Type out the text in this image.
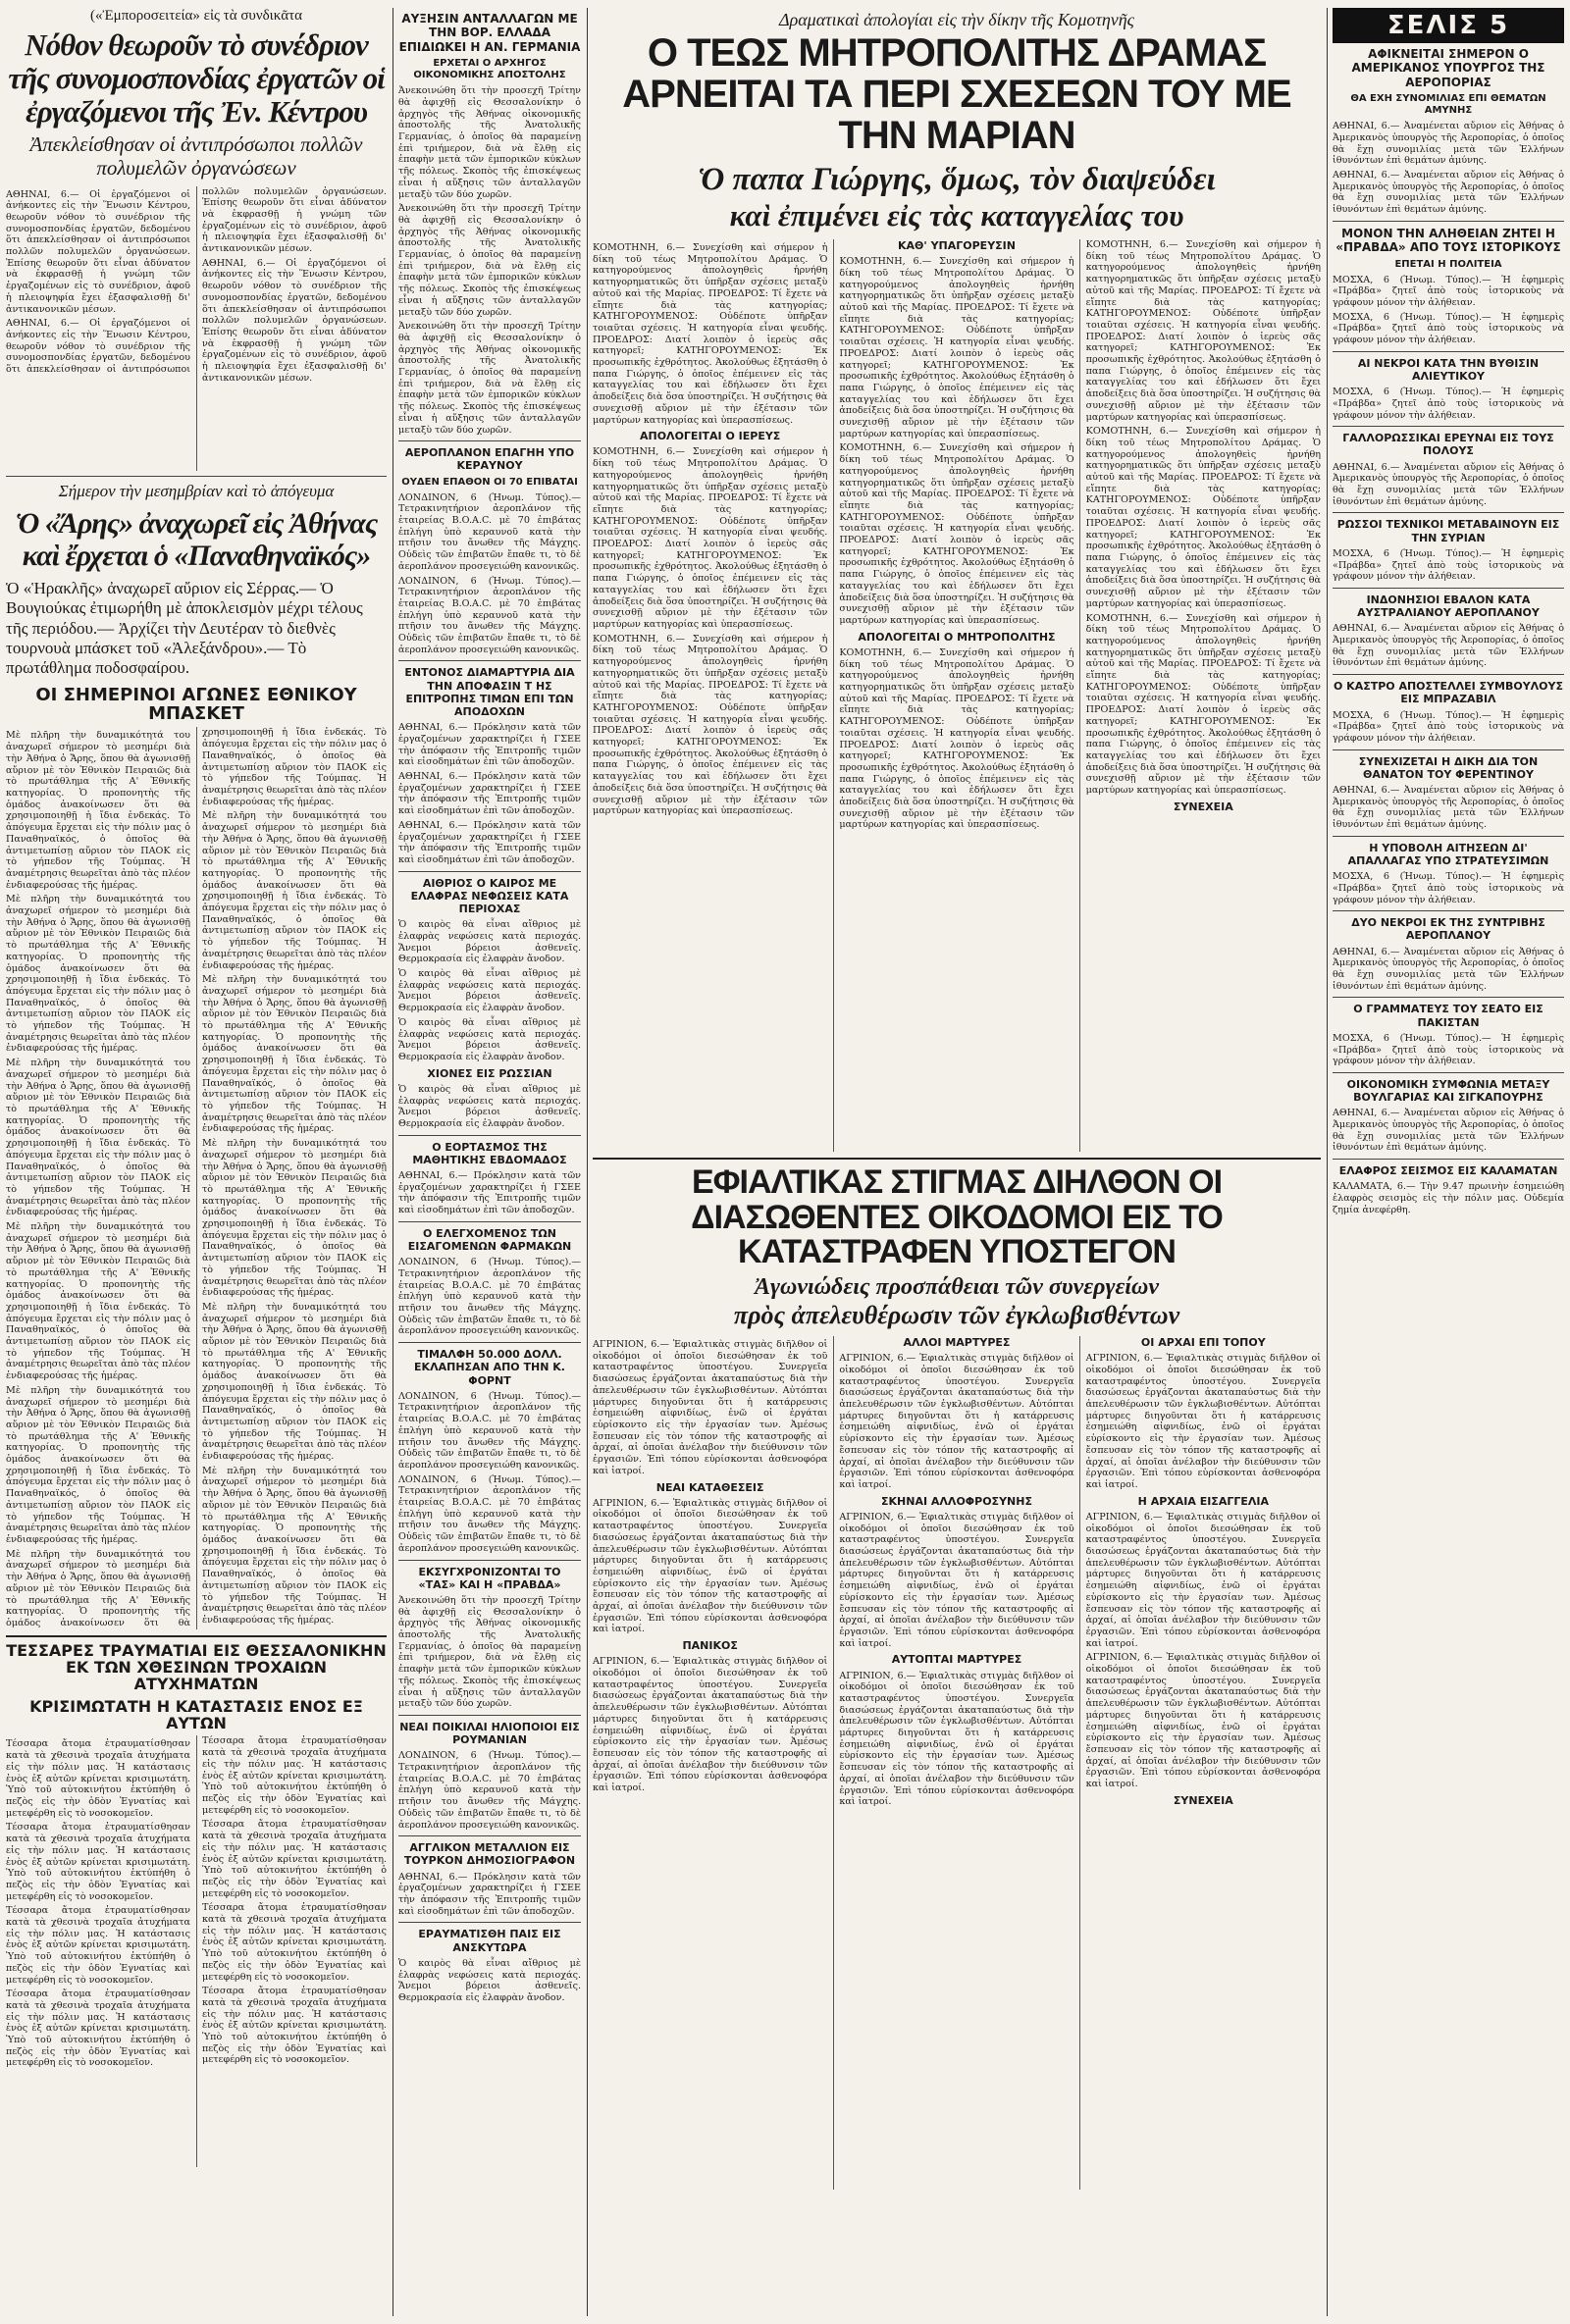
(«Ἐμποροσειτεία» εἰς τὰ συνδικᾶτα
Νόθον θεωροῦν τὸ συνέδριον τῆς συνομοσπονδίας ἐργατῶν οἱ ἐργαζόμενοι τῆς Ἐν. Κέντρου
Ἀπεκλείσθησαν οἱ ἀντιπρόσωποι πολλῶν πολυμελῶν ὀργανώσεων

ΑΘΗΝΑΙ, 6.— Οἱ ἐργαζόμενοι οἱ ἀνήκοντες εἰς τὴν Ἕνωσιν Κέντρου, θεωροῦν νόθον τὸ συνέδριον τῆς συνομοσπονδίας ἐργατῶν, δεδομένου ὅτι ἀπεκλείσθησαν οἱ ἀντιπρόσωποι πολλῶν πολυμελῶν ὀργανώσεων. Ἐπίσης θεωροῦν ὅτι εἶναι ἀδύνατον νὰ ἐκφρασθῇ ἡ γνώμη τῶν ἐργαζομένων εἰς τὸ συνέδριον, ἀφοῦ ἡ πλειοψηφία ἔχει ἐξασφαλισθῇ δι' ἀντικανονικῶν μέσων.

ΑΘΗΝΑΙ, 6.— Οἱ ἐργαζόμενοι οἱ ἀνήκοντες εἰς τὴν Ἕνωσιν Κέντρου, θεωροῦν νόθον τὸ συνέδριον τῆς συνομοσπονδίας ἐργατῶν, δεδομένου ὅτι ἀπεκλείσθησαν οἱ ἀντιπρόσωποι πολλῶν πολυμελῶν ὀργανώσεων. Ἐπίσης θεωροῦν ὅτι εἶναι ἀδύνατον νὰ ἐκφρασθῇ ἡ γνώμη τῶν ἐργαζομένων εἰς τὸ συνέδριον, ἀφοῦ ἡ πλειοψηφία ἔχει ἐξασφαλισθῇ δι' ἀντικανονικῶν μέσων.

ΑΘΗΝΑΙ, 6.— Οἱ ἐργαζόμενοι οἱ ἀνήκοντες εἰς τὴν Ἕνωσιν Κέντρου, θεωροῦν νόθον τὸ συνέδριον τῆς συνομοσπονδίας ἐργατῶν, δεδομένου ὅτι ἀπεκλείσθησαν οἱ ἀντιπρόσωποι πολλῶν πολυμελῶν ὀργανώσεων. Ἐπίσης θεωροῦν ὅτι εἶναι ἀδύνατον νὰ ἐκφρασθῇ ἡ γνώμη τῶν ἐργαζομένων εἰς τὸ συνέδριον, ἀφοῦ ἡ πλειοψηφία ἔχει ἐξασφαλισθῇ δι' ἀντικανονικῶν μέσων.

Σήμερον τὴν μεσημβρίαν καὶ τὸ ἀπόγευμα
Ὁ «Ἄρης» ἀναχωρεῖ εἰς Ἀθήνας καὶ ἔρχεται ὁ «Παναθηναϊκός»
Ὁ «Ἡρακλῆς» ἀναχωρεῖ αὔριον εἰς Σέρρας.— Ὁ Βουγιούκας ἐτιμωρήθη μὲ ἀποκλεισμὸν μέχρι τέλους τῆς περιόδου.— Ἀρχίζει τὴν Δευτέραν τὸ διεθνὲς τουρνουὰ μπάσκετ τοῦ «Ἀλεξάνδρου».— Τὸ πρωτάθλημα ποδοσφαίρου.
ΟΙ ΣΗΜΕΡΙΝΟΙ ΑΓΩΝΕΣ ΕΘΝΙΚΟΥ ΜΠΑΣΚΕΤ

Μὲ πλῆρη τὴν δυναμικότητά του ἀναχωρεῖ σήμερον τὸ μεσημέρι διὰ τὴν Ἀθήνα ὁ Ἄρης, ὅπου θὰ ἀγωνισθῇ αὔριον μὲ τὸν Ἐθνικὸν Πειραιῶς διὰ τὸ πρωτάθλημα τῆς Α' Ἐθνικῆς κατηγορίας. Ὁ προπονητὴς τῆς ὁμάδος ἀνακοίνωσεν ὅτι θὰ χρησιμοποιηθῇ ἡ ἴδια ἑνδεκάς. Τὸ ἀπόγευμα ἔρχεται εἰς τὴν πόλιν μας ὁ Παναθηναϊκός, ὁ ὁποῖος θὰ ἀντιμετωπίσῃ αὔριον τὸν ΠΑΟΚ εἰς τὸ γήπεδον τῆς Τούμπας. Ἡ ἀναμέτρησις θεωρεῖται ἀπὸ τὰς πλέον ἐνδιαφερούσας τῆς ἡμέρας.

Μὲ πλῆρη τὴν δυναμικότητά του ἀναχωρεῖ σήμερον τὸ μεσημέρι διὰ τὴν Ἀθήνα ὁ Ἄρης, ὅπου θὰ ἀγωνισθῇ αὔριον μὲ τὸν Ἐθνικὸν Πειραιῶς διὰ τὸ πρωτάθλημα τῆς Α' Ἐθνικῆς κατηγορίας. Ὁ προπονητὴς τῆς ὁμάδος ἀνακοίνωσεν ὅτι θὰ χρησιμοποιηθῇ ἡ ἴδια ἑνδεκάς. Τὸ ἀπόγευμα ἔρχεται εἰς τὴν πόλιν μας ὁ Παναθηναϊκός, ὁ ὁποῖος θὰ ἀντιμετωπίσῃ αὔριον τὸν ΠΑΟΚ εἰς τὸ γήπεδον τῆς Τούμπας. Ἡ ἀναμέτρησις θεωρεῖται ἀπὸ τὰς πλέον ἐνδιαφερούσας τῆς ἡμέρας.

Μὲ πλῆρη τὴν δυναμικότητά του ἀναχωρεῖ σήμερον τὸ μεσημέρι διὰ τὴν Ἀθήνα ὁ Ἄρης, ὅπου θὰ ἀγωνισθῇ αὔριον μὲ τὸν Ἐθνικὸν Πειραιῶς διὰ τὸ πρωτάθλημα τῆς Α' Ἐθνικῆς κατηγορίας. Ὁ προπονητὴς τῆς ὁμάδος ἀνακοίνωσεν ὅτι θὰ χρησιμοποιηθῇ ἡ ἴδια ἑνδεκάς. Τὸ ἀπόγευμα ἔρχεται εἰς τὴν πόλιν μας ὁ Παναθηναϊκός, ὁ ὁποῖος θὰ ἀντιμετωπίσῃ αὔριον τὸν ΠΑΟΚ εἰς τὸ γήπεδον τῆς Τούμπας. Ἡ ἀναμέτρησις θεωρεῖται ἀπὸ τὰς πλέον ἐνδιαφερούσας τῆς ἡμέρας.

Μὲ πλῆρη τὴν δυναμικότητά του ἀναχωρεῖ σήμερον τὸ μεσημέρι διὰ τὴν Ἀθήνα ὁ Ἄρης, ὅπου θὰ ἀγωνισθῇ αὔριον μὲ τὸν Ἐθνικὸν Πειραιῶς διὰ τὸ πρωτάθλημα τῆς Α' Ἐθνικῆς κατηγορίας. Ὁ προπονητὴς τῆς ὁμάδος ἀνακοίνωσεν ὅτι θὰ χρησιμοποιηθῇ ἡ ἴδια ἑνδεκάς. Τὸ ἀπόγευμα ἔρχεται εἰς τὴν πόλιν μας ὁ Παναθηναϊκός, ὁ ὁποῖος θὰ ἀντιμετωπίσῃ αὔριον τὸν ΠΑΟΚ εἰς τὸ γήπεδον τῆς Τούμπας. Ἡ ἀναμέτρησις θεωρεῖται ἀπὸ τὰς πλέον ἐνδιαφερούσας τῆς ἡμέρας.

Μὲ πλῆρη τὴν δυναμικότητά του ἀναχωρεῖ σήμερον τὸ μεσημέρι διὰ τὴν Ἀθήνα ὁ Ἄρης, ὅπου θὰ ἀγωνισθῇ αὔριον μὲ τὸν Ἐθνικὸν Πειραιῶς διὰ τὸ πρωτάθλημα τῆς Α' Ἐθνικῆς κατηγορίας. Ὁ προπονητὴς τῆς ὁμάδος ἀνακοίνωσεν ὅτι θὰ χρησιμοποιηθῇ ἡ ἴδια ἑνδεκάς. Τὸ ἀπόγευμα ἔρχεται εἰς τὴν πόλιν μας ὁ Παναθηναϊκός, ὁ ὁποῖος θὰ ἀντιμετωπίσῃ αὔριον τὸν ΠΑΟΚ εἰς τὸ γήπεδον τῆς Τούμπας. Ἡ ἀναμέτρησις θεωρεῖται ἀπὸ τὰς πλέον ἐνδιαφερούσας τῆς ἡμέρας.

Μὲ πλῆρη τὴν δυναμικότητά του ἀναχωρεῖ σήμερον τὸ μεσημέρι διὰ τὴν Ἀθήνα ὁ Ἄρης, ὅπου θὰ ἀγωνισθῇ αὔριον μὲ τὸν Ἐθνικὸν Πειραιῶς διὰ τὸ πρωτάθλημα τῆς Α' Ἐθνικῆς κατηγορίας. Ὁ προπονητὴς τῆς ὁμάδος ἀνακοίνωσεν ὅτι θὰ χρησιμοποιηθῇ ἡ ἴδια ἑνδεκάς. Τὸ ἀπόγευμα ἔρχεται εἰς τὴν πόλιν μας ὁ Παναθηναϊκός, ὁ ὁποῖος θὰ ἀντιμετωπίσῃ αὔριον τὸν ΠΑΟΚ εἰς τὸ γήπεδον τῆς Τούμπας. Ἡ ἀναμέτρησις θεωρεῖται ἀπὸ τὰς πλέον ἐνδιαφερούσας τῆς ἡμέρας.

Μὲ πλῆρη τὴν δυναμικότητά του ἀναχωρεῖ σήμερον τὸ μεσημέρι διὰ τὴν Ἀθήνα ὁ Ἄρης, ὅπου θὰ ἀγωνισθῇ αὔριον μὲ τὸν Ἐθνικὸν Πειραιῶς διὰ τὸ πρωτάθλημα τῆς Α' Ἐθνικῆς κατηγορίας. Ὁ προπονητὴς τῆς ὁμάδος ἀνακοίνωσεν ὅτι θὰ χρησιμοποιηθῇ ἡ ἴδια ἑνδεκάς. Τὸ ἀπόγευμα ἔρχεται εἰς τὴν πόλιν μας ὁ Παναθηναϊκός, ὁ ὁποῖος θὰ ἀντιμετωπίσῃ αὔριον τὸν ΠΑΟΚ εἰς τὸ γήπεδον τῆς Τούμπας. Ἡ ἀναμέτρησις θεωρεῖται ἀπὸ τὰς πλέον ἐνδιαφερούσας τῆς ἡμέρας.

Μὲ πλῆρη τὴν δυναμικότητά του ἀναχωρεῖ σήμερον τὸ μεσημέρι διὰ τὴν Ἀθήνα ὁ Ἄρης, ὅπου θὰ ἀγωνισθῇ αὔριον μὲ τὸν Ἐθνικὸν Πειραιῶς διὰ τὸ πρωτάθλημα τῆς Α' Ἐθνικῆς κατηγορίας. Ὁ προπονητὴς τῆς ὁμάδος ἀνακοίνωσεν ὅτι θὰ χρησιμοποιηθῇ ἡ ἴδια ἑνδεκάς. Τὸ ἀπόγευμα ἔρχεται εἰς τὴν πόλιν μας ὁ Παναθηναϊκός, ὁ ὁποῖος θὰ ἀντιμετωπίσῃ αὔριον τὸν ΠΑΟΚ εἰς τὸ γήπεδον τῆς Τούμπας. Ἡ ἀναμέτρησις θεωρεῖται ἀπὸ τὰς πλέον ἐνδιαφερούσας τῆς ἡμέρας.

Μὲ πλῆρη τὴν δυναμικότητά του ἀναχωρεῖ σήμερον τὸ μεσημέρι διὰ τὴν Ἀθήνα ὁ Ἄρης, ὅπου θὰ ἀγωνισθῇ αὔριον μὲ τὸν Ἐθνικὸν Πειραιῶς διὰ τὸ πρωτάθλημα τῆς Α' Ἐθνικῆς κατηγορίας. Ὁ προπονητὴς τῆς ὁμάδος ἀνακοίνωσεν ὅτι θὰ χρησιμοποιηθῇ ἡ ἴδια ἑνδεκάς. Τὸ ἀπόγευμα ἔρχεται εἰς τὴν πόλιν μας ὁ Παναθηναϊκός, ὁ ὁποῖος θὰ ἀντιμετωπίσῃ αὔριον τὸν ΠΑΟΚ εἰς τὸ γήπεδον τῆς Τούμπας. Ἡ ἀναμέτρησις θεωρεῖται ἀπὸ τὰς πλέον ἐνδιαφερούσας τῆς ἡμέρας.

Μὲ πλῆρη τὴν δυναμικότητά του ἀναχωρεῖ σήμερον τὸ μεσημέρι διὰ τὴν Ἀθήνα ὁ Ἄρης, ὅπου θὰ ἀγωνισθῇ αὔριον μὲ τὸν Ἐθνικὸν Πειραιῶς διὰ τὸ πρωτάθλημα τῆς Α' Ἐθνικῆς κατηγορίας. Ὁ προπονητὴς τῆς ὁμάδος ἀνακοίνωσεν ὅτι θὰ χρησιμοποιηθῇ ἡ ἴδια ἑνδεκάς. Τὸ ἀπόγευμα ἔρχεται εἰς τὴν πόλιν μας ὁ Παναθηναϊκός, ὁ ὁποῖος θὰ ἀντιμετωπίσῃ αὔριον τὸν ΠΑΟΚ εἰς τὸ γήπεδον τῆς Τούμπας. Ἡ ἀναμέτρησις θεωρεῖται ἀπὸ τὰς πλέον ἐνδιαφερούσας τῆς ἡμέρας.

Μὲ πλῆρη τὴν δυναμικότητά του ἀναχωρεῖ σήμερον τὸ μεσημέρι διὰ τὴν Ἀθήνα ὁ Ἄρης, ὅπου θὰ ἀγωνισθῇ αὔριον μὲ τὸν Ἐθνικὸν Πειραιῶς διὰ τὸ πρωτάθλημα τῆς Α' Ἐθνικῆς κατηγορίας. Ὁ προπονητὴς τῆς ὁμάδος ἀνακοίνωσεν ὅτι θὰ χρησιμοποιηθῇ ἡ ἴδια ἑνδεκάς. Τὸ ἀπόγευμα ἔρχεται εἰς τὴν πόλιν μας ὁ Παναθηναϊκός, ὁ ὁποῖος θὰ ἀντιμετωπίσῃ αὔριον τὸν ΠΑΟΚ εἰς τὸ γήπεδον τῆς Τούμπας. Ἡ ἀναμέτρησις θεωρεῖται ἀπὸ τὰς πλέον ἐνδιαφερούσας τῆς ἡμέρας.

ΤΕΣΣΑΡΕΣ ΤΡΑΥΜΑΤΙΑΙ ΕΙΣ ΘΕΣΣΑΛΟΝΙΚΗΝ ΕΚ ΤΩΝ ΧΘΕΣΙΝΩΝ ΤΡΟΧΑΙΩΝ ΑΤΥΧΗΜΑΤΩΝ
ΚΡΙΣΙΜΩΤΑΤΗ Η ΚΑΤΑΣΤΑΣΙΣ ΕΝΟΣ ΕΞ ΑΥΤΩΝ

Τέσσαρα ἄτομα ἐτραυματίσθησαν κατὰ τὰ χθεσινὰ τροχαῖα ἀτυχήματα εἰς τὴν πόλιν μας. Ἡ κατάστασις ἑνὸς ἐξ αὐτῶν κρίνεται κρισιμωτάτη. Ὑπὸ τοῦ αὐτοκινήτου ἐκτύπήθη ὁ πεζὸς εἰς τὴν ὁδὸν Ἐγνατίας καὶ μετεφέρθη εἰς τὸ νοσοκομεῖον.

Τέσσαρα ἄτομα ἐτραυματίσθησαν κατὰ τὰ χθεσινὰ τροχαῖα ἀτυχήματα εἰς τὴν πόλιν μας. Ἡ κατάστασις ἑνὸς ἐξ αὐτῶν κρίνεται κρισιμωτάτη. Ὑπὸ τοῦ αὐτοκινήτου ἐκτύπήθη ὁ πεζὸς εἰς τὴν ὁδὸν Ἐγνατίας καὶ μετεφέρθη εἰς τὸ νοσοκομεῖον.

Τέσσαρα ἄτομα ἐτραυματίσθησαν κατὰ τὰ χθεσινὰ τροχαῖα ἀτυχήματα εἰς τὴν πόλιν μας. Ἡ κατάστασις ἑνὸς ἐξ αὐτῶν κρίνεται κρισιμωτάτη. Ὑπὸ τοῦ αὐτοκινήτου ἐκτύπήθη ὁ πεζὸς εἰς τὴν ὁδὸν Ἐγνατίας καὶ μετεφέρθη εἰς τὸ νοσοκομεῖον.

Τέσσαρα ἄτομα ἐτραυματίσθησαν κατὰ τὰ χθεσινὰ τροχαῖα ἀτυχήματα εἰς τὴν πόλιν μας. Ἡ κατάστασις ἑνὸς ἐξ αὐτῶν κρίνεται κρισιμωτάτη. Ὑπὸ τοῦ αὐτοκινήτου ἐκτύπήθη ὁ πεζὸς εἰς τὴν ὁδὸν Ἐγνατίας καὶ μετεφέρθη εἰς τὸ νοσοκομεῖον.

Τέσσαρα ἄτομα ἐτραυματίσθησαν κατὰ τὰ χθεσινὰ τροχαῖα ἀτυχήματα εἰς τὴν πόλιν μας. Ἡ κατάστασις ἑνὸς ἐξ αὐτῶν κρίνεται κρισιμωτάτη. Ὑπὸ τοῦ αὐτοκινήτου ἐκτύπήθη ὁ πεζὸς εἰς τὴν ὁδὸν Ἐγνατίας καὶ μετεφέρθη εἰς τὸ νοσοκομεῖον.

Τέσσαρα ἄτομα ἐτραυματίσθησαν κατὰ τὰ χθεσινὰ τροχαῖα ἀτυχήματα εἰς τὴν πόλιν μας. Ἡ κατάστασις ἑνὸς ἐξ αὐτῶν κρίνεται κρισιμωτάτη. Ὑπὸ τοῦ αὐτοκινήτου ἐκτύπήθη ὁ πεζὸς εἰς τὴν ὁδὸν Ἐγνατίας καὶ μετεφέρθη εἰς τὸ νοσοκομεῖον.

Τέσσαρα ἄτομα ἐτραυματίσθησαν κατὰ τὰ χθεσινὰ τροχαῖα ἀτυχήματα εἰς τὴν πόλιν μας. Ἡ κατάστασις ἑνὸς ἐξ αὐτῶν κρίνεται κρισιμωτάτη. Ὑπὸ τοῦ αὐτοκινήτου ἐκτύπήθη ὁ πεζὸς εἰς τὴν ὁδὸν Ἐγνατίας καὶ μετεφέρθη εἰς τὸ νοσοκομεῖον.

Τέσσαρα ἄτομα ἐτραυματίσθησαν κατὰ τὰ χθεσινὰ τροχαῖα ἀτυχήματα εἰς τὴν πόλιν μας. Ἡ κατάστασις ἑνὸς ἐξ αὐτῶν κρίνεται κρισιμωτάτη. Ὑπὸ τοῦ αὐτοκινήτου ἐκτύπήθη ὁ πεζὸς εἰς τὴν ὁδὸν Ἐγνατίας καὶ μετεφέρθη εἰς τὸ νοσοκομεῖον.

ΑΥΞΗΣΙΝ ΑΝΤΑΛΛΑΓΩΝ ΜΕ ΤΗΝ ΒΟΡ. ΕΛΛΑΔΑ ΕΠΙΔΙΩΚΕΙ Η ΑΝ. ΓΕΡΜΑΝΙΑ
ΕΡΧΕΤΑΙ Ο ΑΡΧΗΓΟΣ ΟΙΚΟΝΟΜΙΚΗΣ ΑΠΟΣΤΟΛΗΣ

Ἀνεκοινώθη ὅτι τὴν προσεχῆ Τρίτην θὰ ἀφιχθῇ εἰς Θεσσαλονίκην ὁ ἀρχηγὸς τῆς Ἀθήνας οἰκονομικῆς ἀποστολῆς τῆς Ἀνατολικῆς Γερμανίας, ὁ ὁποῖος θὰ παραμείνῃ ἐπὶ τριήμερον, διὰ νὰ ἔλθῃ εἰς ἐπαφὴν μετὰ τῶν ἐμπορικῶν κύκλων τῆς πόλεως. Σκοπὸς τῆς ἐπισκέψεως εἶναι ἡ αὔξησις τῶν ἀνταλλαγῶν μεταξὺ τῶν δύο χωρῶν.

Ἀνεκοινώθη ὅτι τὴν προσεχῆ Τρίτην θὰ ἀφιχθῇ εἰς Θεσσαλονίκην ὁ ἀρχηγὸς τῆς Ἀθήνας οἰκονομικῆς ἀποστολῆς τῆς Ἀνατολικῆς Γερμανίας, ὁ ὁποῖος θὰ παραμείνῃ ἐπὶ τριήμερον, διὰ νὰ ἔλθῃ εἰς ἐπαφὴν μετὰ τῶν ἐμπορικῶν κύκλων τῆς πόλεως. Σκοπὸς τῆς ἐπισκέψεως εἶναι ἡ αὔξησις τῶν ἀνταλλαγῶν μεταξὺ τῶν δύο χωρῶν.

Ἀνεκοινώθη ὅτι τὴν προσεχῆ Τρίτην θὰ ἀφιχθῇ εἰς Θεσσαλονίκην ὁ ἀρχηγὸς τῆς Ἀθήνας οἰκονομικῆς ἀποστολῆς τῆς Ἀνατολικῆς Γερμανίας, ὁ ὁποῖος θὰ παραμείνῃ ἐπὶ τριήμερον, διὰ νὰ ἔλθῃ εἰς ἐπαφὴν μετὰ τῶν ἐμπορικῶν κύκλων τῆς πόλεως. Σκοπὸς τῆς ἐπισκέψεως εἶναι ἡ αὔξησις τῶν ἀνταλλαγῶν μεταξὺ τῶν δύο χωρῶν.

ΑΕΡΟΠΛΑΝΟΝ ΕΠΑΓΗΗ ΥΠΟ ΚΕΡΑΥΝΟΥ
ΟΥΔΕΝ ΕΠΑΘΟΝ ΟΙ 70 ΕΠΙΒΑΤΑΙ

ΛΟΝΔΙΝΟΝ, 6 (Ἡνωμ. Τύπος).— Τετρακινητήριον ἀεροπλάνον τῆς ἑταιρείας B.O.A.C. μὲ 70 ἐπιβάτας ἐπλήγη ὑπὸ κεραυνοῦ κατὰ τὴν πτῆσιν του ἄνωθεν τῆς Μάγχης. Οὐδεὶς τῶν ἐπιβατῶν ἔπαθε τι, τὸ δὲ ἀεροπλάνον προσεγειώθη κανονικῶς.

ΛΟΝΔΙΝΟΝ, 6 (Ἡνωμ. Τύπος).— Τετρακινητήριον ἀεροπλάνον τῆς ἑταιρείας B.O.A.C. μὲ 70 ἐπιβάτας ἐπλήγη ὑπὸ κεραυνοῦ κατὰ τὴν πτῆσιν του ἄνωθεν τῆς Μάγχης. Οὐδεὶς τῶν ἐπιβατῶν ἔπαθε τι, τὸ δὲ ἀεροπλάνον προσεγειώθη κανονικῶς.

ΕΝΤΟΝΟΣ ΔΙΑΜΑΡΤΥΡΙΑ ΔΙΑ ΤΗΝ ΑΠΟΦΑΣΙΝ Τ ΗΣ ΕΠΙΤΡΟΠΗΣ ΤΙΜΩΝ ΕΠΙ ΤΩΝ ΑΠΟΔΟΧΩΝ

ΑΘΗΝΑΙ, 6.— Πρόκλησιν κατὰ τῶν ἐργαζομένων χαρακτηρίζει ἡ ΓΣΕΕ τὴν ἀπόφασιν τῆς Ἐπιτροπῆς τιμῶν καὶ εἰσοδημάτων ἐπὶ τῶν ἀποδοχῶν.

ΑΘΗΝΑΙ, 6.— Πρόκλησιν κατὰ τῶν ἐργαζομένων χαρακτηρίζει ἡ ΓΣΕΕ τὴν ἀπόφασιν τῆς Ἐπιτροπῆς τιμῶν καὶ εἰσοδημάτων ἐπὶ τῶν ἀποδοχῶν.

ΑΘΗΝΑΙ, 6.— Πρόκλησιν κατὰ τῶν ἐργαζομένων χαρακτηρίζει ἡ ΓΣΕΕ τὴν ἀπόφασιν τῆς Ἐπιτροπῆς τιμῶν καὶ εἰσοδημάτων ἐπὶ τῶν ἀποδοχῶν.

ΑΙΘΡΙΟΣ Ο ΚΑΙΡΟΣ ΜΕ ΕΛΑΦΡΑΣ ΝΕΦΩΣΕΙΣ ΚΑΤΑ ΠΕΡΙΟΧΑΣ

Ὁ καιρὸς θὰ εἶναι αἴθριος μὲ ἐλαφρὰς νεφώσεις κατὰ περιοχάς. Ἄνεμοι βόρειοι ἀσθενεῖς. Θερμοκρασία εἰς ἐλαφρὰν ἄνοδον.

Ὁ καιρὸς θὰ εἶναι αἴθριος μὲ ἐλαφρὰς νεφώσεις κατὰ περιοχάς. Ἄνεμοι βόρειοι ἀσθενεῖς. Θερμοκρασία εἰς ἐλαφρὰν ἄνοδον.

Ὁ καιρὸς θὰ εἶναι αἴθριος μὲ ἐλαφρὰς νεφώσεις κατὰ περιοχάς. Ἄνεμοι βόρειοι ἀσθενεῖς. Θερμοκρασία εἰς ἐλαφρὰν ἄνοδον.

ΧΙΟΝΕΣ ΕΙΣ ΡΩΣΣΙΑΝ

Ὁ καιρὸς θὰ εἶναι αἴθριος μὲ ἐλαφρὰς νεφώσεις κατὰ περιοχάς. Ἄνεμοι βόρειοι ἀσθενεῖς. Θερμοκρασία εἰς ἐλαφρὰν ἄνοδον.

Ο ΕΟΡΤΑΣΜΟΣ ΤΗΣ ΜΑΘΗΤΙΚΗΣ ΕΒΔΟΜΑΔΟΣ

ΑΘΗΝΑΙ, 6.— Πρόκλησιν κατὰ τῶν ἐργαζομένων χαρακτηρίζει ἡ ΓΣΕΕ τὴν ἀπόφασιν τῆς Ἐπιτροπῆς τιμῶν καὶ εἰσοδημάτων ἐπὶ τῶν ἀποδοχῶν.

Ο ΕΛΕΓΧΟΜΕΝΟΣ ΤΩΝ ΕΙΣΑΓΟΜΕΝΩΝ ΦΑΡΜΑΚΩΝ

ΛΟΝΔΙΝΟΝ, 6 (Ἡνωμ. Τύπος).— Τετρακινητήριον ἀεροπλάνον τῆς ἑταιρείας B.O.A.C. μὲ 70 ἐπιβάτας ἐπλήγη ὑπὸ κεραυνοῦ κατὰ τὴν πτῆσιν του ἄνωθεν τῆς Μάγχης. Οὐδεὶς τῶν ἐπιβατῶν ἔπαθε τι, τὸ δὲ ἀεροπλάνον προσεγειώθη κανονικῶς.

ΤΙΜΑΛΦΗ 50.000 ΔΟΛΛ. ΕΚΛΑΠΗΣΑΝ ΑΠΟ ΤΗΝ Κ. ΦΟΡΝΤ

ΛΟΝΔΙΝΟΝ, 6 (Ἡνωμ. Τύπος).— Τετρακινητήριον ἀεροπλάνον τῆς ἑταιρείας B.O.A.C. μὲ 70 ἐπιβάτας ἐπλήγη ὑπὸ κεραυνοῦ κατὰ τὴν πτῆσιν του ἄνωθεν τῆς Μάγχης. Οὐδεὶς τῶν ἐπιβατῶν ἔπαθε τι, τὸ δὲ ἀεροπλάνον προσεγειώθη κανονικῶς.

ΛΟΝΔΙΝΟΝ, 6 (Ἡνωμ. Τύπος).— Τετρακινητήριον ἀεροπλάνον τῆς ἑταιρείας B.O.A.C. μὲ 70 ἐπιβάτας ἐπλήγη ὑπὸ κεραυνοῦ κατὰ τὴν πτῆσιν του ἄνωθεν τῆς Μάγχης. Οὐδεὶς τῶν ἐπιβατῶν ἔπαθε τι, τὸ δὲ ἀεροπλάνον προσεγειώθη κανονικῶς.

ΕΚΣΥΓΧΡΟΝΙΖΟΝΤΑΙ ΤΟ «ΤΑΣ» ΚΑΙ Η «ΠΡΑΒΔΑ»

Ἀνεκοινώθη ὅτι τὴν προσεχῆ Τρίτην θὰ ἀφιχθῇ εἰς Θεσσαλονίκην ὁ ἀρχηγὸς τῆς Ἀθήνας οἰκονομικῆς ἀποστολῆς τῆς Ἀνατολικῆς Γερμανίας, ὁ ὁποῖος θὰ παραμείνῃ ἐπὶ τριήμερον, διὰ νὰ ἔλθῃ εἰς ἐπαφὴν μετὰ τῶν ἐμπορικῶν κύκλων τῆς πόλεως. Σκοπὸς τῆς ἐπισκέψεως εἶναι ἡ αὔξησις τῶν ἀνταλλαγῶν μεταξὺ τῶν δύο χωρῶν.

ΝΕΑΙ ΠΟΙΚΙΛΑΙ ΗΛΙΟΠΟΙΟΙ ΕΙΣ ΡΟΥΜΑΝΙΑΝ

ΛΟΝΔΙΝΟΝ, 6 (Ἡνωμ. Τύπος).— Τετρακινητήριον ἀεροπλάνον τῆς ἑταιρείας B.O.A.C. μὲ 70 ἐπιβάτας ἐπλήγη ὑπὸ κεραυνοῦ κατὰ τὴν πτῆσιν του ἄνωθεν τῆς Μάγχης. Οὐδεὶς τῶν ἐπιβατῶν ἔπαθε τι, τὸ δὲ ἀεροπλάνον προσεγειώθη κανονικῶς.

ΑΓΓΛΙΚΟΝ ΜΕΤΑΛΛΙΟΝ ΕΙΣ ΤΟΥΡΚΟΝ ΔΗΜΟΣΙΟΓΡΑΦΟΝ

ΑΘΗΝΑΙ, 6.— Πρόκλησιν κατὰ τῶν ἐργαζομένων χαρακτηρίζει ἡ ΓΣΕΕ τὴν ἀπόφασιν τῆς Ἐπιτροπῆς τιμῶν καὶ εἰσοδημάτων ἐπὶ τῶν ἀποδοχῶν.

ΕΡΑΥΜΑΤΙΣΘΗ ΠΑΙΣ ΕΙΣ ΑΝΣΚΥΤΩΡΑ

Ὁ καιρὸς θὰ εἶναι αἴθριος μὲ ἐλαφρὰς νεφώσεις κατὰ περιοχάς. Ἄνεμοι βόρειοι ἀσθενεῖς. Θερμοκρασία εἰς ἐλαφρὰν ἄνοδον.

Δραματικαὶ ἀπολογίαι εἰς τὴν δίκην τῆς Κομοτηνῆς
Ο ΤΕΩΣ ΜΗΤΡΟΠΟΛΙΤΗΣ ΔΡΑΜΑΣ ΑΡΝΕΙΤΑΙ ΤΑ ΠΕΡΙ ΣΧΕΣΕΩΝ ΤΟΥ ΜΕ ΤΗΝ ΜΑΡΙΑΝ
Ὁ παπα Γιώργης, ὅμως, τὸν διαψεύδει
καὶ ἐπιμένει εἰς τὰς καταγγελίας του

ΚΟΜΟΤΗΝΗ, 6.— Συνεχίσθη καὶ σήμερον ἡ δίκη τοῦ τέως Μητροπολίτου Δράμας. Ὁ κατηγορούμενος ἀπολογηθεὶς ἠρνήθη κατηγορηματικῶς ὅτι ὑπῆρξαν σχέσεις μεταξὺ αὐτοῦ καὶ τῆς Μαρίας. ΠΡΟΕΔΡΟΣ: Τί ἔχετε νὰ εἴπητε διὰ τὰς κατηγορίας; ΚΑΤΗΓΟΡΟΥΜΕΝΟΣ: Οὐδέποτε ὑπῆρξαν τοιαῦται σχέσεις. Ἡ κατηγορία εἶναι ψευδής. ΠΡΟΕΔΡΟΣ: Διατί λοιπὸν ὁ ἱερεὺς σᾶς κατηγορεῖ; ΚΑΤΗΓΟΡΟΥΜΕΝΟΣ: Ἐκ προσωπικῆς ἐχθρότητος. Ἀκολούθως ἐξητάσθη ὁ παπα Γιώργης, ὁ ὁποῖος ἐπέμεινεν εἰς τὰς καταγγελίας του καὶ ἐδήλωσεν ὅτι ἔχει ἀποδείξεις διὰ ὅσα ὑποστηρίζει. Ἡ συζήτησις θὰ συνεχισθῇ αὔριον μὲ τὴν ἐξέτασιν τῶν μαρτύρων κατηγορίας καὶ ὑπερασπίσεως.

ΑΠΟΛΟΓΕΙΤΑΙ Ο ΙΕΡΕΥΣ

ΚΟΜΟΤΗΝΗ, 6.— Συνεχίσθη καὶ σήμερον ἡ δίκη τοῦ τέως Μητροπολίτου Δράμας. Ὁ κατηγορούμενος ἀπολογηθεὶς ἠρνήθη κατηγορηματικῶς ὅτι ὑπῆρξαν σχέσεις μεταξὺ αὐτοῦ καὶ τῆς Μαρίας. ΠΡΟΕΔΡΟΣ: Τί ἔχετε νὰ εἴπητε διὰ τὰς κατηγορίας; ΚΑΤΗΓΟΡΟΥΜΕΝΟΣ: Οὐδέποτε ὑπῆρξαν τοιαῦται σχέσεις. Ἡ κατηγορία εἶναι ψευδής. ΠΡΟΕΔΡΟΣ: Διατί λοιπὸν ὁ ἱερεὺς σᾶς κατηγορεῖ; ΚΑΤΗΓΟΡΟΥΜΕΝΟΣ: Ἐκ προσωπικῆς ἐχθρότητος. Ἀκολούθως ἐξητάσθη ὁ παπα Γιώργης, ὁ ὁποῖος ἐπέμεινεν εἰς τὰς καταγγελίας του καὶ ἐδήλωσεν ὅτι ἔχει ἀποδείξεις διὰ ὅσα ὑποστηρίζει. Ἡ συζήτησις θὰ συνεχισθῇ αὔριον μὲ τὴν ἐξέτασιν τῶν μαρτύρων κατηγορίας καὶ ὑπερασπίσεως.

ΚΟΜΟΤΗΝΗ, 6.— Συνεχίσθη καὶ σήμερον ἡ δίκη τοῦ τέως Μητροπολίτου Δράμας. Ὁ κατηγορούμενος ἀπολογηθεὶς ἠρνήθη κατηγορηματικῶς ὅτι ὑπῆρξαν σχέσεις μεταξὺ αὐτοῦ καὶ τῆς Μαρίας. ΠΡΟΕΔΡΟΣ: Τί ἔχετε νὰ εἴπητε διὰ τὰς κατηγορίας; ΚΑΤΗΓΟΡΟΥΜΕΝΟΣ: Οὐδέποτε ὑπῆρξαν τοιαῦται σχέσεις. Ἡ κατηγορία εἶναι ψευδής. ΠΡΟΕΔΡΟΣ: Διατί λοιπὸν ὁ ἱερεὺς σᾶς κατηγορεῖ; ΚΑΤΗΓΟΡΟΥΜΕΝΟΣ: Ἐκ προσωπικῆς ἐχθρότητος. Ἀκολούθως ἐξητάσθη ὁ παπα Γιώργης, ὁ ὁποῖος ἐπέμεινεν εἰς τὰς καταγγελίας του καὶ ἐδήλωσεν ὅτι ἔχει ἀποδείξεις διὰ ὅσα ὑποστηρίζει. Ἡ συζήτησις θὰ συνεχισθῇ αὔριον μὲ τὴν ἐξέτασιν τῶν μαρτύρων κατηγορίας καὶ ὑπερασπίσεως.

ΚΑΘ' ΥΠΑΓΟΡΕΥΣΙΝ

ΚΟΜΟΤΗΝΗ, 6.— Συνεχίσθη καὶ σήμερον ἡ δίκη τοῦ τέως Μητροπολίτου Δράμας. Ὁ κατηγορούμενος ἀπολογηθεὶς ἠρνήθη κατηγορηματικῶς ὅτι ὑπῆρξαν σχέσεις μεταξὺ αὐτοῦ καὶ τῆς Μαρίας. ΠΡΟΕΔΡΟΣ: Τί ἔχετε νὰ εἴπητε διὰ τὰς κατηγορίας; ΚΑΤΗΓΟΡΟΥΜΕΝΟΣ: Οὐδέποτε ὑπῆρξαν τοιαῦται σχέσεις. Ἡ κατηγορία εἶναι ψευδής. ΠΡΟΕΔΡΟΣ: Διατί λοιπὸν ὁ ἱερεὺς σᾶς κατηγορεῖ; ΚΑΤΗΓΟΡΟΥΜΕΝΟΣ: Ἐκ προσωπικῆς ἐχθρότητος. Ἀκολούθως ἐξητάσθη ὁ παπα Γιώργης, ὁ ὁποῖος ἐπέμεινεν εἰς τὰς καταγγελίας του καὶ ἐδήλωσεν ὅτι ἔχει ἀποδείξεις διὰ ὅσα ὑποστηρίζει. Ἡ συζήτησις θὰ συνεχισθῇ αὔριον μὲ τὴν ἐξέτασιν τῶν μαρτύρων κατηγορίας καὶ ὑπερασπίσεως.

ΚΟΜΟΤΗΝΗ, 6.— Συνεχίσθη καὶ σήμερον ἡ δίκη τοῦ τέως Μητροπολίτου Δράμας. Ὁ κατηγορούμενος ἀπολογηθεὶς ἠρνήθη κατηγορηματικῶς ὅτι ὑπῆρξαν σχέσεις μεταξὺ αὐτοῦ καὶ τῆς Μαρίας. ΠΡΟΕΔΡΟΣ: Τί ἔχετε νὰ εἴπητε διὰ τὰς κατηγορίας; ΚΑΤΗΓΟΡΟΥΜΕΝΟΣ: Οὐδέποτε ὑπῆρξαν τοιαῦται σχέσεις. Ἡ κατηγορία εἶναι ψευδής. ΠΡΟΕΔΡΟΣ: Διατί λοιπὸν ὁ ἱερεὺς σᾶς κατηγορεῖ; ΚΑΤΗΓΟΡΟΥΜΕΝΟΣ: Ἐκ προσωπικῆς ἐχθρότητος. Ἀκολούθως ἐξητάσθη ὁ παπα Γιώργης, ὁ ὁποῖος ἐπέμεινεν εἰς τὰς καταγγελίας του καὶ ἐδήλωσεν ὅτι ἔχει ἀποδείξεις διὰ ὅσα ὑποστηρίζει. Ἡ συζήτησις θὰ συνεχισθῇ αὔριον μὲ τὴν ἐξέτασιν τῶν μαρτύρων κατηγορίας καὶ ὑπερασπίσεως.

ΑΠΟΛΟΓΕΙΤΑΙ Ο ΜΗΤΡΟΠΟΛΙΤΗΣ

ΚΟΜΟΤΗΝΗ, 6.— Συνεχίσθη καὶ σήμερον ἡ δίκη τοῦ τέως Μητροπολίτου Δράμας. Ὁ κατηγορούμενος ἀπολογηθεὶς ἠρνήθη κατηγορηματικῶς ὅτι ὑπῆρξαν σχέσεις μεταξὺ αὐτοῦ καὶ τῆς Μαρίας. ΠΡΟΕΔΡΟΣ: Τί ἔχετε νὰ εἴπητε διὰ τὰς κατηγορίας; ΚΑΤΗΓΟΡΟΥΜΕΝΟΣ: Οὐδέποτε ὑπῆρξαν τοιαῦται σχέσεις. Ἡ κατηγορία εἶναι ψευδής. ΠΡΟΕΔΡΟΣ: Διατί λοιπὸν ὁ ἱερεὺς σᾶς κατηγορεῖ; ΚΑΤΗΓΟΡΟΥΜΕΝΟΣ: Ἐκ προσωπικῆς ἐχθρότητος. Ἀκολούθως ἐξητάσθη ὁ παπα Γιώργης, ὁ ὁποῖος ἐπέμεινεν εἰς τὰς καταγγελίας του καὶ ἐδήλωσεν ὅτι ἔχει ἀποδείξεις διὰ ὅσα ὑποστηρίζει. Ἡ συζήτησις θὰ συνεχισθῇ αὔριον μὲ τὴν ἐξέτασιν τῶν μαρτύρων κατηγορίας καὶ ὑπερασπίσεως.

ΚΟΜΟΤΗΝΗ, 6.— Συνεχίσθη καὶ σήμερον ἡ δίκη τοῦ τέως Μητροπολίτου Δράμας. Ὁ κατηγορούμενος ἀπολογηθεὶς ἠρνήθη κατηγορηματικῶς ὅτι ὑπῆρξαν σχέσεις μεταξὺ αὐτοῦ καὶ τῆς Μαρίας. ΠΡΟΕΔΡΟΣ: Τί ἔχετε νὰ εἴπητε διὰ τὰς κατηγορίας; ΚΑΤΗΓΟΡΟΥΜΕΝΟΣ: Οὐδέποτε ὑπῆρξαν τοιαῦται σχέσεις. Ἡ κατηγορία εἶναι ψευδής. ΠΡΟΕΔΡΟΣ: Διατί λοιπὸν ὁ ἱερεὺς σᾶς κατηγορεῖ; ΚΑΤΗΓΟΡΟΥΜΕΝΟΣ: Ἐκ προσωπικῆς ἐχθρότητος. Ἀκολούθως ἐξητάσθη ὁ παπα Γιώργης, ὁ ὁποῖος ἐπέμεινεν εἰς τὰς καταγγελίας του καὶ ἐδήλωσεν ὅτι ἔχει ἀποδείξεις διὰ ὅσα ὑποστηρίζει. Ἡ συζήτησις θὰ συνεχισθῇ αὔριον μὲ τὴν ἐξέτασιν τῶν μαρτύρων κατηγορίας καὶ ὑπερασπίσεως.

ΚΟΜΟΤΗΝΗ, 6.— Συνεχίσθη καὶ σήμερον ἡ δίκη τοῦ τέως Μητροπολίτου Δράμας. Ὁ κατηγορούμενος ἀπολογηθεὶς ἠρνήθη κατηγορηματικῶς ὅτι ὑπῆρξαν σχέσεις μεταξὺ αὐτοῦ καὶ τῆς Μαρίας. ΠΡΟΕΔΡΟΣ: Τί ἔχετε νὰ εἴπητε διὰ τὰς κατηγορίας; ΚΑΤΗΓΟΡΟΥΜΕΝΟΣ: Οὐδέποτε ὑπῆρξαν τοιαῦται σχέσεις. Ἡ κατηγορία εἶναι ψευδής. ΠΡΟΕΔΡΟΣ: Διατί λοιπὸν ὁ ἱερεὺς σᾶς κατηγορεῖ; ΚΑΤΗΓΟΡΟΥΜΕΝΟΣ: Ἐκ προσωπικῆς ἐχθρότητος. Ἀκολούθως ἐξητάσθη ὁ παπα Γιώργης, ὁ ὁποῖος ἐπέμεινεν εἰς τὰς καταγγελίας του καὶ ἐδήλωσεν ὅτι ἔχει ἀποδείξεις διὰ ὅσα ὑποστηρίζει. Ἡ συζήτησις θὰ συνεχισθῇ αὔριον μὲ τὴν ἐξέτασιν τῶν μαρτύρων κατηγορίας καὶ ὑπερασπίσεως.

ΚΟΜΟΤΗΝΗ, 6.— Συνεχίσθη καὶ σήμερον ἡ δίκη τοῦ τέως Μητροπολίτου Δράμας. Ὁ κατηγορούμενος ἀπολογηθεὶς ἠρνήθη κατηγορηματικῶς ὅτι ὑπῆρξαν σχέσεις μεταξὺ αὐτοῦ καὶ τῆς Μαρίας. ΠΡΟΕΔΡΟΣ: Τί ἔχετε νὰ εἴπητε διὰ τὰς κατηγορίας; ΚΑΤΗΓΟΡΟΥΜΕΝΟΣ: Οὐδέποτε ὑπῆρξαν τοιαῦται σχέσεις. Ἡ κατηγορία εἶναι ψευδής. ΠΡΟΕΔΡΟΣ: Διατί λοιπὸν ὁ ἱερεὺς σᾶς κατηγορεῖ; ΚΑΤΗΓΟΡΟΥΜΕΝΟΣ: Ἐκ προσωπικῆς ἐχθρότητος. Ἀκολούθως ἐξητάσθη ὁ παπα Γιώργης, ὁ ὁποῖος ἐπέμεινεν εἰς τὰς καταγγελίας του καὶ ἐδήλωσεν ὅτι ἔχει ἀποδείξεις διὰ ὅσα ὑποστηρίζει. Ἡ συζήτησις θὰ συνεχισθῇ αὔριον μὲ τὴν ἐξέτασιν τῶν μαρτύρων κατηγορίας καὶ ὑπερασπίσεως.

ΣΥΝΕΧΕΙΑ
ΕΦΙΑΛΤΙΚΑΣ ΣΤΙΓΜΑΣ ΔΙΗΛΘΟΝ ΟΙ ΔΙΑΣΩΘΕΝΤΕΣ ΟΙΚΟΔΟΜΟΙ ΕΙΣ ΤΟ ΚΑΤΑΣΤΡΑΦΕΝ ΥΠΟΣΤΕΓΟΝ
Ἀγωνιώδεις προσπάθειαι τῶν συνεργείων
πρὸς ἀπελευθέρωσιν τῶν ἐγκλωβισθέντων

ΑΓΡΙΝΙΟΝ, 6.— Ἐφιαλτικὰς στιγμὰς διῆλθον οἱ οἰκοδόμοι οἱ ὁποῖοι διεσώθησαν ἐκ τοῦ καταστραφέντος ὑποστέγου. Συνεργεῖα διασώσεως ἐργάζονται ἀκαταπαύστως διὰ τὴν ἀπελευθέρωσιν τῶν ἐγκλωβισθέντων. Αὐτόπται μάρτυρες διηγοῦνται ὅτι ἡ κατάρρευσις ἐσημειώθη αἰφνιδίως, ἐνῶ οἱ ἐργάται εὑρίσκοντο εἰς τὴν ἐργασίαν των. Ἀμέσως ἔσπευσαν εἰς τὸν τόπον τῆς καταστροφῆς αἱ ἀρχαί, αἱ ὁποῖαι ἀνέλαβον τὴν διεύθυνσιν τῶν ἐργασιῶν. Ἐπὶ τόπου εὑρίσκονται ἀσθενοφόρα καὶ ἰατροί.

ΝΕΑΙ ΚΑΤΑΘΕΣΕΙΣ

ΑΓΡΙΝΙΟΝ, 6.— Ἐφιαλτικὰς στιγμὰς διῆλθον οἱ οἰκοδόμοι οἱ ὁποῖοι διεσώθησαν ἐκ τοῦ καταστραφέντος ὑποστέγου. Συνεργεῖα διασώσεως ἐργάζονται ἀκαταπαύστως διὰ τὴν ἀπελευθέρωσιν τῶν ἐγκλωβισθέντων. Αὐτόπται μάρτυρες διηγοῦνται ὅτι ἡ κατάρρευσις ἐσημειώθη αἰφνιδίως, ἐνῶ οἱ ἐργάται εὑρίσκοντο εἰς τὴν ἐργασίαν των. Ἀμέσως ἔσπευσαν εἰς τὸν τόπον τῆς καταστροφῆς αἱ ἀρχαί, αἱ ὁποῖαι ἀνέλαβον τὴν διεύθυνσιν τῶν ἐργασιῶν. Ἐπὶ τόπου εὑρίσκονται ἀσθενοφόρα καὶ ἰατροί.

ΠΑΝΙΚΟΣ

ΑΓΡΙΝΙΟΝ, 6.— Ἐφιαλτικὰς στιγμὰς διῆλθον οἱ οἰκοδόμοι οἱ ὁποῖοι διεσώθησαν ἐκ τοῦ καταστραφέντος ὑποστέγου. Συνεργεῖα διασώσεως ἐργάζονται ἀκαταπαύστως διὰ τὴν ἀπελευθέρωσιν τῶν ἐγκλωβισθέντων. Αὐτόπται μάρτυρες διηγοῦνται ὅτι ἡ κατάρρευσις ἐσημειώθη αἰφνιδίως, ἐνῶ οἱ ἐργάται εὑρίσκοντο εἰς τὴν ἐργασίαν των. Ἀμέσως ἔσπευσαν εἰς τὸν τόπον τῆς καταστροφῆς αἱ ἀρχαί, αἱ ὁποῖαι ἀνέλαβον τὴν διεύθυνσιν τῶν ἐργασιῶν. Ἐπὶ τόπου εὑρίσκονται ἀσθενοφόρα καὶ ἰατροί.

ΑΛΛΟΙ ΜΑΡΤΥΡΕΣ

ΑΓΡΙΝΙΟΝ, 6.— Ἐφιαλτικὰς στιγμὰς διῆλθον οἱ οἰκοδόμοι οἱ ὁποῖοι διεσώθησαν ἐκ τοῦ καταστραφέντος ὑποστέγου. Συνεργεῖα διασώσεως ἐργάζονται ἀκαταπαύστως διὰ τὴν ἀπελευθέρωσιν τῶν ἐγκλωβισθέντων. Αὐτόπται μάρτυρες διηγοῦνται ὅτι ἡ κατάρρευσις ἐσημειώθη αἰφνιδίως, ἐνῶ οἱ ἐργάται εὑρίσκοντο εἰς τὴν ἐργασίαν των. Ἀμέσως ἔσπευσαν εἰς τὸν τόπον τῆς καταστροφῆς αἱ ἀρχαί, αἱ ὁποῖαι ἀνέλαβον τὴν διεύθυνσιν τῶν ἐργασιῶν. Ἐπὶ τόπου εὑρίσκονται ἀσθενοφόρα καὶ ἰατροί.

ΣΚΗΝΑΙ ΑΛΛΟΦΡΟΣΥΝΗΣ

ΑΓΡΙΝΙΟΝ, 6.— Ἐφιαλτικὰς στιγμὰς διῆλθον οἱ οἰκοδόμοι οἱ ὁποῖοι διεσώθησαν ἐκ τοῦ καταστραφέντος ὑποστέγου. Συνεργεῖα διασώσεως ἐργάζονται ἀκαταπαύστως διὰ τὴν ἀπελευθέρωσιν τῶν ἐγκλωβισθέντων. Αὐτόπται μάρτυρες διηγοῦνται ὅτι ἡ κατάρρευσις ἐσημειώθη αἰφνιδίως, ἐνῶ οἱ ἐργάται εὑρίσκοντο εἰς τὴν ἐργασίαν των. Ἀμέσως ἔσπευσαν εἰς τὸν τόπον τῆς καταστροφῆς αἱ ἀρχαί, αἱ ὁποῖαι ἀνέλαβον τὴν διεύθυνσιν τῶν ἐργασιῶν. Ἐπὶ τόπου εὑρίσκονται ἀσθενοφόρα καὶ ἰατροί.

ΑΥΤΟΠΤΑΙ ΜΑΡΤΥΡΕΣ

ΑΓΡΙΝΙΟΝ, 6.— Ἐφιαλτικὰς στιγμὰς διῆλθον οἱ οἰκοδόμοι οἱ ὁποῖοι διεσώθησαν ἐκ τοῦ καταστραφέντος ὑποστέγου. Συνεργεῖα διασώσεως ἐργάζονται ἀκαταπαύστως διὰ τὴν ἀπελευθέρωσιν τῶν ἐγκλωβισθέντων. Αὐτόπται μάρτυρες διηγοῦνται ὅτι ἡ κατάρρευσις ἐσημειώθη αἰφνιδίως, ἐνῶ οἱ ἐργάται εὑρίσκοντο εἰς τὴν ἐργασίαν των. Ἀμέσως ἔσπευσαν εἰς τὸν τόπον τῆς καταστροφῆς αἱ ἀρχαί, αἱ ὁποῖαι ἀνέλαβον τὴν διεύθυνσιν τῶν ἐργασιῶν. Ἐπὶ τόπου εὑρίσκονται ἀσθενοφόρα καὶ ἰατροί.

ΟΙ ΑΡΧΑΙ ΕΠΙ ΤΟΠΟΥ

ΑΓΡΙΝΙΟΝ, 6.— Ἐφιαλτικὰς στιγμὰς διῆλθον οἱ οἰκοδόμοι οἱ ὁποῖοι διεσώθησαν ἐκ τοῦ καταστραφέντος ὑποστέγου. Συνεργεῖα διασώσεως ἐργάζονται ἀκαταπαύστως διὰ τὴν ἀπελευθέρωσιν τῶν ἐγκλωβισθέντων. Αὐτόπται μάρτυρες διηγοῦνται ὅτι ἡ κατάρρευσις ἐσημειώθη αἰφνιδίως, ἐνῶ οἱ ἐργάται εὑρίσκοντο εἰς τὴν ἐργασίαν των. Ἀμέσως ἔσπευσαν εἰς τὸν τόπον τῆς καταστροφῆς αἱ ἀρχαί, αἱ ὁποῖαι ἀνέλαβον τὴν διεύθυνσιν τῶν ἐργασιῶν. Ἐπὶ τόπου εὑρίσκονται ἀσθενοφόρα καὶ ἰατροί.

Η ΑΡΧΑΙΑ ΕΙΣΑΓΓΕΛΙΑ

ΑΓΡΙΝΙΟΝ, 6.— Ἐφιαλτικὰς στιγμὰς διῆλθον οἱ οἰκοδόμοι οἱ ὁποῖοι διεσώθησαν ἐκ τοῦ καταστραφέντος ὑποστέγου. Συνεργεῖα διασώσεως ἐργάζονται ἀκαταπαύστως διὰ τὴν ἀπελευθέρωσιν τῶν ἐγκλωβισθέντων. Αὐτόπται μάρτυρες διηγοῦνται ὅτι ἡ κατάρρευσις ἐσημειώθη αἰφνιδίως, ἐνῶ οἱ ἐργάται εὑρίσκοντο εἰς τὴν ἐργασίαν των. Ἀμέσως ἔσπευσαν εἰς τὸν τόπον τῆς καταστροφῆς αἱ ἀρχαί, αἱ ὁποῖαι ἀνέλαβον τὴν διεύθυνσιν τῶν ἐργασιῶν. Ἐπὶ τόπου εὑρίσκονται ἀσθενοφόρα καὶ ἰατροί.

ΑΓΡΙΝΙΟΝ, 6.— Ἐφιαλτικὰς στιγμὰς διῆλθον οἱ οἰκοδόμοι οἱ ὁποῖοι διεσώθησαν ἐκ τοῦ καταστραφέντος ὑποστέγου. Συνεργεῖα διασώσεως ἐργάζονται ἀκαταπαύστως διὰ τὴν ἀπελευθέρωσιν τῶν ἐγκλωβισθέντων. Αὐτόπται μάρτυρες διηγοῦνται ὅτι ἡ κατάρρευσις ἐσημειώθη αἰφνιδίως, ἐνῶ οἱ ἐργάται εὑρίσκοντο εἰς τὴν ἐργασίαν των. Ἀμέσως ἔσπευσαν εἰς τὸν τόπον τῆς καταστροφῆς αἱ ἀρχαί, αἱ ὁποῖαι ἀνέλαβον τὴν διεύθυνσιν τῶν ἐργασιῶν. Ἐπὶ τόπου εὑρίσκονται ἀσθενοφόρα καὶ ἰατροί.

ΣΥΝΕΧΕΙΑ
ΣΕΛΙΣ 5
ΑΦΙΚΝΕΙΤΑΙ ΣΗΜΕΡΟΝ Ο ΑΜΕΡΙΚΑΝΟΣ ΥΠΟΥΡΓΟΣ ΤΗΣ ΑΕΡΟΠΟΡΙΑΣ
ΘΑ ΕΧΗ ΣΥΝΟΜΙΛΙΑΣ ΕΠΙ ΘΕΜΑΤΩΝ ΑΜΥΝΗΣ

ΑΘΗΝΑΙ, 6.— Ἀναμένεται αὔριον εἰς Ἀθήνας ὁ Ἀμερικανὸς ὑπουργὸς τῆς Ἀεροπορίας, ὁ ὁποῖος θὰ ἔχῃ συνομιλίας μετὰ τῶν Ἑλλήνων ἰθυνόντων ἐπὶ θεμάτων ἀμύνης.

ΑΘΗΝΑΙ, 6.— Ἀναμένεται αὔριον εἰς Ἀθήνας ὁ Ἀμερικανὸς ὑπουργὸς τῆς Ἀεροπορίας, ὁ ὁποῖος θὰ ἔχῃ συνομιλίας μετὰ τῶν Ἑλλήνων ἰθυνόντων ἐπὶ θεμάτων ἀμύνης.

ΜΟΝΟΝ ΤΗΝ ΑΛΗΘΕΙΑΝ ΖΗΤΕΙ Η «ΠΡΑΒΔΑ» ΑΠΟ ΤΟΥΣ ΙΣΤΟΡΙΚΟΥΣ
ΕΠΕΤΑΙ Η ΠΟΛΙΤΕΙΑ

ΜΟΣΧΑ, 6 (Ἡνωμ. Τύπος).— Ἡ ἐφημερὶς «Πράβδα» ζητεῖ ἀπὸ τοὺς ἱστορικοὺς νὰ γράφουν μόνον τὴν ἀλήθειαν.

ΜΟΣΧΑ, 6 (Ἡνωμ. Τύπος).— Ἡ ἐφημερὶς «Πράβδα» ζητεῖ ἀπὸ τοὺς ἱστορικοὺς νὰ γράφουν μόνον τὴν ἀλήθειαν.

ΑΙ ΝΕΚΡΟΙ ΚΑΤΑ ΤΗΝ ΒΥΘΙΣΙΝ ΑΛΙΕΥΤΙΚΟΥ

ΜΟΣΧΑ, 6 (Ἡνωμ. Τύπος).— Ἡ ἐφημερὶς «Πράβδα» ζητεῖ ἀπὸ τοὺς ἱστορικοὺς νὰ γράφουν μόνον τὴν ἀλήθειαν.

ΓΑΛΛΟΡΩΣΣΙΚΑΙ ΕΡΕΥΝΑΙ ΕΙΣ ΤΟΥΣ ΠΟΛΟΥΣ

ΑΘΗΝΑΙ, 6.— Ἀναμένεται αὔριον εἰς Ἀθήνας ὁ Ἀμερικανὸς ὑπουργὸς τῆς Ἀεροπορίας, ὁ ὁποῖος θὰ ἔχῃ συνομιλίας μετὰ τῶν Ἑλλήνων ἰθυνόντων ἐπὶ θεμάτων ἀμύνης.

ΡΩΣΣΟΙ ΤΕΧΝΙΚΟΙ ΜΕΤΑΒΑΙΝΟΥΝ ΕΙΣ ΤΗΝ ΣΥΡΙΑΝ

ΜΟΣΧΑ, 6 (Ἡνωμ. Τύπος).— Ἡ ἐφημερὶς «Πράβδα» ζητεῖ ἀπὸ τοὺς ἱστορικοὺς νὰ γράφουν μόνον τὴν ἀλήθειαν.

ΙΝΔΟΝΗΣΙΟΙ ΕΒΑΛΟΝ ΚΑΤΑ ΑΥΣΤΡΑΛΙΑΝΟΥ ΑΕΡΟΠΛΑΝΟΥ

ΑΘΗΝΑΙ, 6.— Ἀναμένεται αὔριον εἰς Ἀθήνας ὁ Ἀμερικανὸς ὑπουργὸς τῆς Ἀεροπορίας, ὁ ὁποῖος θὰ ἔχῃ συνομιλίας μετὰ τῶν Ἑλλήνων ἰθυνόντων ἐπὶ θεμάτων ἀμύνης.

Ο ΚΑΣΤΡΟ ΑΠΟΣΤΕΛΛΕΙ ΣΥΜΒΟΥΛΟΥΣ ΕΙΣ ΜΠΡΑΖΑΒΙΛ

ΜΟΣΧΑ, 6 (Ἡνωμ. Τύπος).— Ἡ ἐφημερὶς «Πράβδα» ζητεῖ ἀπὸ τοὺς ἱστορικοὺς νὰ γράφουν μόνον τὴν ἀλήθειαν.

ΣΥΝΕΧΙΖΕΤΑΙ Η ΔΙΚΗ ΔΙΑ ΤΟΝ ΘΑΝΑΤΟΝ ΤΟΥ ΦΕΡΕΝΤΙΝΟΥ

ΑΘΗΝΑΙ, 6.— Ἀναμένεται αὔριον εἰς Ἀθήνας ὁ Ἀμερικανὸς ὑπουργὸς τῆς Ἀεροπορίας, ὁ ὁποῖος θὰ ἔχῃ συνομιλίας μετὰ τῶν Ἑλλήνων ἰθυνόντων ἐπὶ θεμάτων ἀμύνης.

Η ΥΠΟΒΟΛΗ ΑΙΤΗΣΕΩΝ ΔΙ' ΑΠΑΛΛΑΓΑΣ ΥΠΟ ΣΤΡΑΤΕΥΣΙΜΩΝ

ΜΟΣΧΑ, 6 (Ἡνωμ. Τύπος).— Ἡ ἐφημερὶς «Πράβδα» ζητεῖ ἀπὸ τοὺς ἱστορικοὺς νὰ γράφουν μόνον τὴν ἀλήθειαν.

ΔΥΟ ΝΕΚΡΟΙ ΕΚ ΤΗΣ ΣΥΝΤΡΙΒΗΣ ΑΕΡΟΠΛΑΝΟΥ

ΑΘΗΝΑΙ, 6.— Ἀναμένεται αὔριον εἰς Ἀθήνας ὁ Ἀμερικανὸς ὑπουργὸς τῆς Ἀεροπορίας, ὁ ὁποῖος θὰ ἔχῃ συνομιλίας μετὰ τῶν Ἑλλήνων ἰθυνόντων ἐπὶ θεμάτων ἀμύνης.

Ο ΓΡΑΜΜΑΤΕΥΣ ΤΟΥ ΣΕΑΤΟ ΕΙΣ ΠΑΚΙΣΤΑΝ

ΜΟΣΧΑ, 6 (Ἡνωμ. Τύπος).— Ἡ ἐφημερὶς «Πράβδα» ζητεῖ ἀπὸ τοὺς ἱστορικοὺς νὰ γράφουν μόνον τὴν ἀλήθειαν.

ΟΙΚΟΝΟΜΙΚΗ ΣΥΜΦΩΝΙΑ ΜΕΤΑΞΥ ΒΟΥΛΓΑΡΙΑΣ ΚΑΙ ΣΙΓΚΑΠΟΥΡΗΣ

ΑΘΗΝΑΙ, 6.— Ἀναμένεται αὔριον εἰς Ἀθήνας ὁ Ἀμερικανὸς ὑπουργὸς τῆς Ἀεροπορίας, ὁ ὁποῖος θὰ ἔχῃ συνομιλίας μετὰ τῶν Ἑλλήνων ἰθυνόντων ἐπὶ θεμάτων ἀμύνης.

ΕΛΑΦΡΟΣ ΣΕΙΣΜΟΣ ΕΙΣ ΚΑΛΑΜΑΤΑΝ

ΚΑΛΑΜΑΤΑ, 6.— Τὴν 9.47 πρωινὴν ἐσημειώθη ἐλαφρὸς σεισμὸς εἰς τὴν πόλιν μας. Οὐδεμία ζημία ἀνεφέρθη.
